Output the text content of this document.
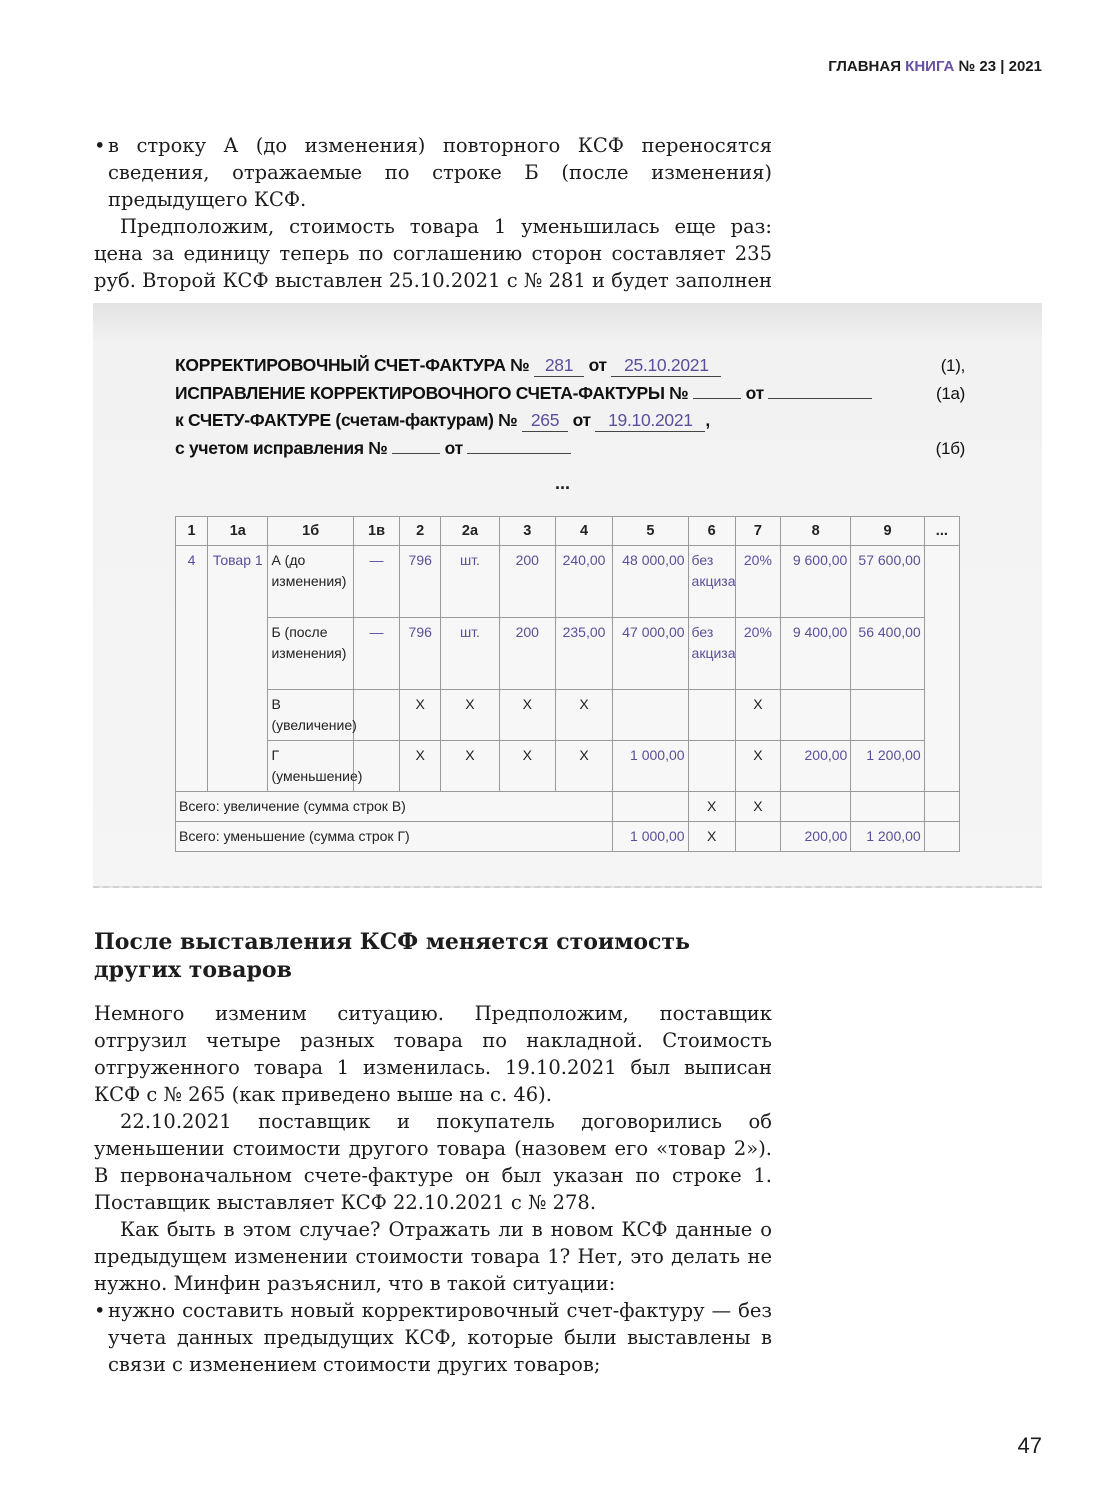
ГЛАВНАЯ КНИГА № 23 | 2021

• в строку А (до изменения) повторного КСФ переносятся сведения, отражаемые по строке Б (после изменения) предыдущего КСФ.

Предположим, стоимость товара 1 уменьшилась еще раз: цена за единицу теперь по соглашению сторон составляет 235 руб. Второй КСФ выставлен 25.10.2021 с № 281 и будет заполнен

КОРРЕКТИРОВОЧНЫЙ СЧЕТ-ФАКТУРА № 281 от 25.10.2021	(1),
ИСПРАВЛЕНИЕ КОРРЕКТИРОВОЧНОГО СЧЕТА-ФАКТУРЫ №	от	(1а)
к СЧЕТУ-ФАКТУРЕ (счетам-фактурам) № 265 от 19.10.2021 ,
с учетом исправления №	от	(1б)
...
1	1а	1б	1в	2	2а	3	4	5	6	7	8	9	...
4	Товар 1	А (до изменения)	—	796	шт.	200	240,00	48 000,00	без акциза	20%	9 600,00	57 600,00	
		Б (после изменения)	—	796	шт.	200	235,00	47 000,00	без акциза	20%	9 400,00	56 400,00	
		В (увеличение)		Х	Х	Х	Х			Х			
		Г (уменьшение)		Х	Х	Х	Х	1 000,00		Х	200,00	1 200,00	
Всего: увеличение (сумма строк В)									Х	Х			
Всего: уменьшение (сумма строк Г)								1 000,00	Х		200,00	1 200,00	
После выставления КСФ меняется стоимость других товаров

Немного изменим ситуацию. Предположим, поставщик отгрузил четыре разных товара по накладной. Стоимость отгруженного товара 1 изменилась. 19.10.2021 был выписан КСФ с № 265 (как приведено выше на с. 46).

22.10.2021 поставщик и покупатель договорились об уменьшении стоимости другого товара (назовем его «товар 2»). В первоначальном счете-фактуре он был указан по строке 1. Поставщик выставляет КСФ 22.10.2021 с № 278.

Как быть в этом случае? Отражать ли в новом КСФ данные о предыдущем изменении стоимости товара 1? Нет, это делать не нужно. Минфин разъяснил, что в такой ситуации:

• нужно составить новый корректировочный счет-фактуру — без учета данных предыдущих КСФ, которые были выставлены в связи с изменением стоимости других товаров;

47
